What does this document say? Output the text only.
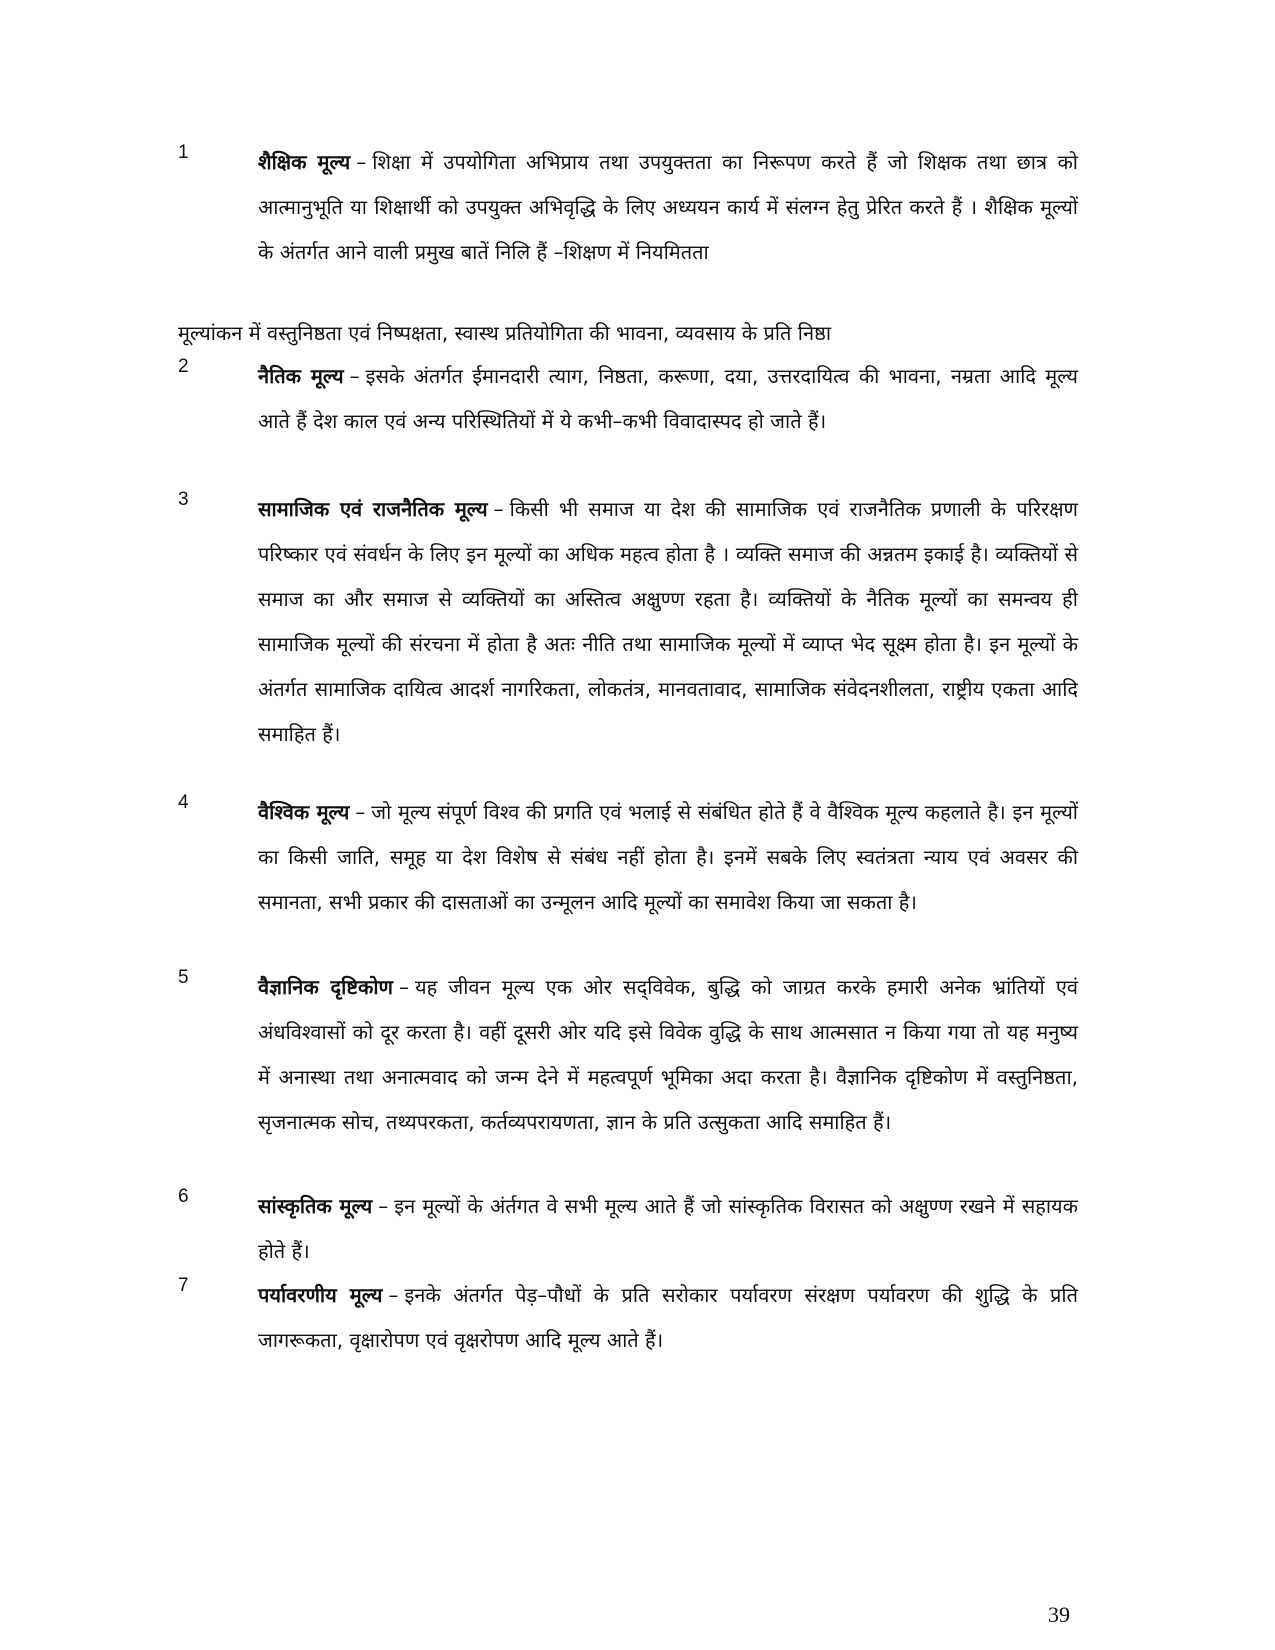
1	शैक्षिक मूल्य – शिक्षा में उपयोगिता अभिप्राय तथा उपयुक्तता का निरूपण करते हैं जो शिक्षक तथा छात्र को आत्मानुभूति या शिक्षार्थी को उपयुक्त अभिवृद्धि के लिए अध्ययन कार्य में संलग्न हेतु प्रेरित करते हैं । शैक्षिक मूल्यों के अंतर्गत आने वाली प्रमुख बातें निलि हैं –शिक्षण में नियमितता
मूल्यांकन में वस्तुनिष्ठता एवं निष्पक्षता, स्वास्थ प्रतियोगिता की भावना, व्यवसाय के प्रति निष्ठा
2	नैतिक मूल्य – इसके अंतर्गत ईमानदारी त्याग, निष्ठता, करूणा, दया, उत्तरदायित्व की भावना, नम्रता आदि मूल्य आते हैं देश काल एवं अन्य परिस्थितियों में ये कभी–कभी विवादास्पद हो जाते हैं।
3	सामाजिक एवं राजनैतिक मूल्य – किसी भी समाज या देश की सामाजिक एवं राजनैतिक प्रणाली के परिरक्षण परिष्कार एवं संवर्धन के लिए इन मूल्यों का अधिक महत्व होता है । व्यक्ति समाज की अन्नतम इकाई है। व्यक्तियों से समाज का और समाज से व्यक्तियों का अस्तित्व अक्षुण्ण रहता है। व्यक्तियों के नैतिक मूल्यों का समन्वय ही सामाजिक मूल्यों की संरचना में होता है अतः नीति तथा सामाजिक मूल्यों में व्याप्त भेद सूक्ष्म होता है। इन मूल्यों के अंतर्गत सामाजिक दायित्व आदर्श नागरिकता, लोकतंत्र, मानवतावाद, सामाजिक संवेदनशीलता, राष्ट्रीय एकता आदि समाहित हैं।
4	वैश्विक मूल्य – जो मूल्य संपूर्ण विश्व की प्रगति एवं भलाई से संबंधित होते हैं वे वैश्विक मूल्य कहलाते है। इन मूल्यों का किसी जाति, समूह या देश विशेष से संबंध नहीं होता है। इनमें सबके लिए स्वतंत्रता न्याय एवं अवसर की समानता, सभी प्रकार की दासताओं का उन्मूलन आदि मूल्यों का समावेश किया जा सकता है।
5	वैज्ञानिक दृष्टिकोण – यह जीवन मूल्य एक ओर सद्‌विवेक, बुद्धि को जाग्रत करके हमारी अनेक भ्रांतियों एवं अंधविश्वासों को दूर करता है। वहीं दूसरी ओर यदि इसे विवेक वुद्धि के साथ आत्मसात न किया गया तो यह मनुष्य में अनास्था तथा अनात्मवाद को जन्म देने में महत्वपूर्ण भूमिका अदा करता है। वैज्ञानिक दृष्टिकोण में वस्तुनिष्ठता, सृजनात्मक सोच, तथ्यपरकता, कर्तव्यपरायणता, ज्ञान के प्रति उत्सुकता आदि समाहित हैं।
6	सांस्कृतिक मूल्य – इन मूल्यों के अंर्तगत वे सभी मूल्य आते हैं जो सांस्कृतिक विरासत को अक्षुण्ण रखने में सहायक होते हैं।
7	पर्यावरणीय मूल्य – इनके अंतर्गत पेड़–पौधों के प्रति सरोकार पर्यावरण संरक्षण पर्यावरण की शुद्धि के प्रति जागरूकता, वृक्षारोपण एवं वृक्षरोपण आदि मूल्य आते हैं।
39
